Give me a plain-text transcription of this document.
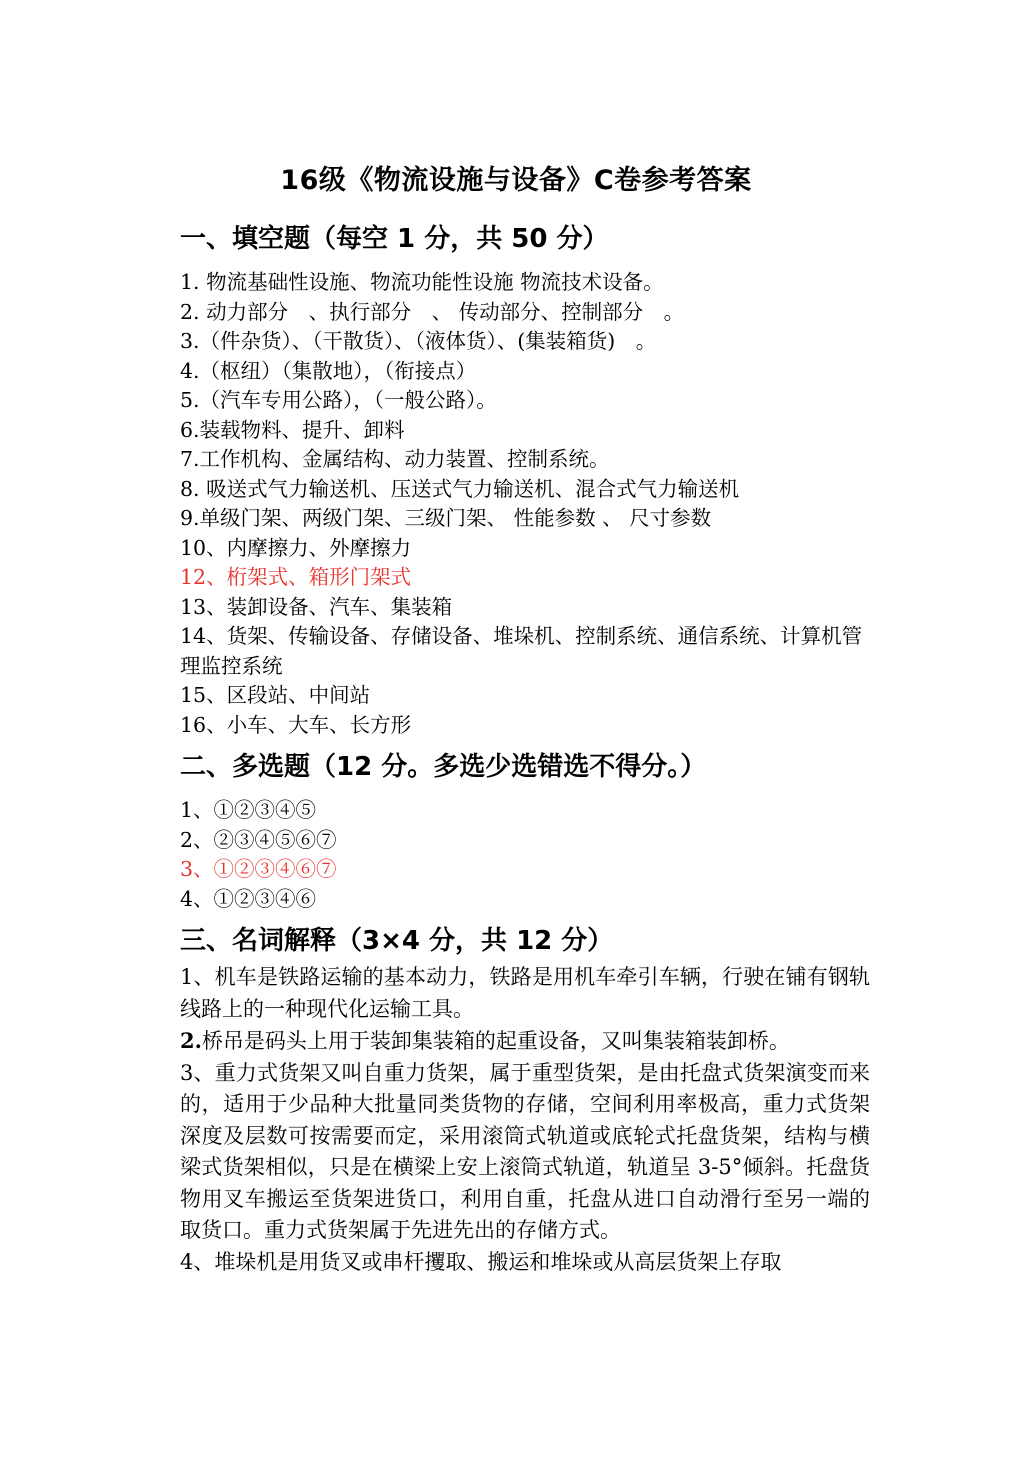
16级《物流设施与设备》C卷参考答案
一、填空题（每空 1 分，共 50 分）
1. 物流基础性设施、物流功能性设施 物流技术设备。
2. 动力部分　、执行部分　、 传动部分、控制部分　。
3.（件杂货）、（干散货）、（液体货）、(集装箱货)　。
4.（枢纽）（集散地），（衔接点）
5.（汽车专用公路），（一般公路）。
6.装载物料、提升、卸料
7.工作机构、金属结构、动力装置、控制系统。
8. 吸送式气力输送机、压送式气力输送机、混合式气力输送机
9.单级门架、两级门架、三级门架、 性能参数 、 尺寸参数
10、内摩擦力、外摩擦力
12、桁架式、箱形门架式
13、装卸设备、汽车、集装箱
14、货架、传输设备、存储设备、堆垛机、控制系统、通信系统、计算机管理监控系统
15、区段站、中间站
16、小车、大车、长方形
二、多选题（12 分。多选少选错选不得分。）
1、①②③④⑤
2、②③④⑤⑥⑦
3、①②③④⑥⑦
4、①②③④⑥
三、名词解释（3×4 分，共 12 分）
1、机车是铁路运输的基本动力，铁路是用机车牵引车辆，行驶在铺有钢轨线路上的一种现代化运输工具。
2.桥吊是码头上用于装卸集装箱的起重设备，又叫集装箱装卸桥。
3、重力式货架又叫自重力货架，属于重型货架，是由托盘式货架演变而来的，适用于少品种大批量同类货物的存储，空间利用率极高，重力式货架深度及层数可按需要而定，采用滚筒式轨道或底轮式托盘货架，结构与横梁式货架相似，只是在横梁上安上滚筒式轨道，轨道呈 3-5°倾斜。托盘货物用叉车搬运至货架进货口，利用自重，托盘从进口自动滑行至另一端的取货口。重力式货架属于先进先出的存储方式。
4、堆垛机是用货叉或串杆攫取、搬运和堆垛或从高层货架上存取
